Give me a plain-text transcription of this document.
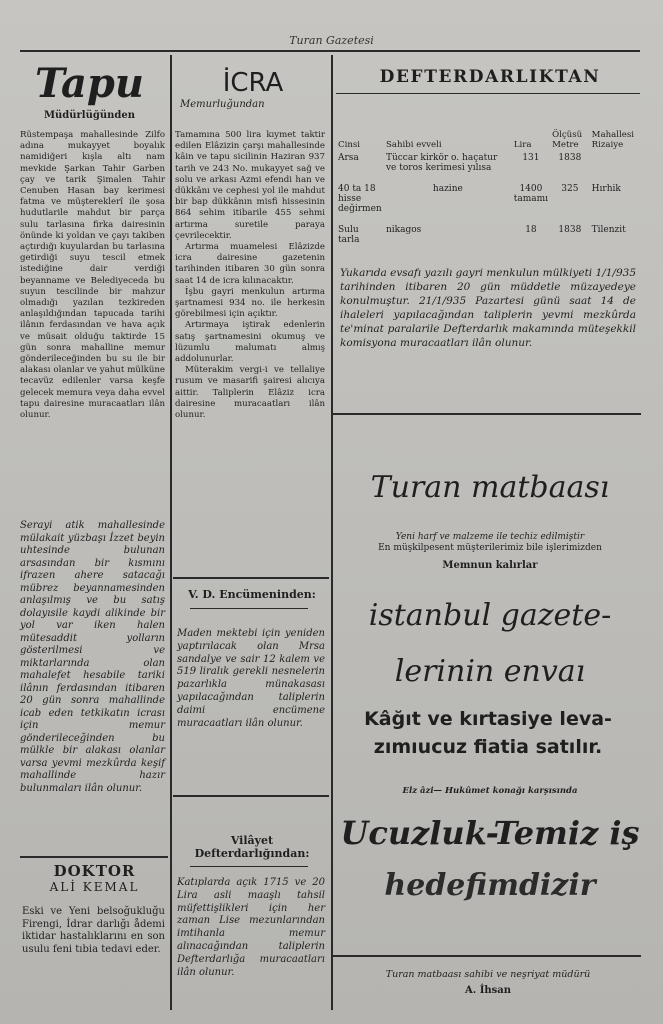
Turan Gazetesi
Tapu
Müdürlüğünden
Rüstempaşa mahallesinde Zilfo adına mukayyet boyalık namidiğeri kışla altı nam mevkide Şarkan Tahir Garben çay ve tarik Şimalen Tahir Cenuben Hasan bay kerimesi fatma ve müştereklerî ile şosa hudutlarile mahdut bir parça sulu tarlasına firka dairesinin önünde ki yoldan ve çayı takiben açtırdığı kuyulardan bu tarlasına getirdiği suyu tescil etmek istediğine dair verdiği beyanname ve Belediyeceda bu suyun tescilinde bir mahzur olmadığı yazılan tezkireden anlaşıldığından tapucada tarihi ilânın ferdasından ve hava açık ve müsait olduğu taktirde 15 gün sonra mahalline memur gönderileceğinden bu su ile bir alakası olanlar ve yahut mülküne tecavüz edilenler varsa keşfe gelecek memura veya daha evvel tapu dairesine muracaatları ilân olunur.
Serayi atik mahallesinde mülakait yüzbaşı İzzet beyin uhtesinde bulunan arsasından bir kısmını ifrazen ahere satacağı mübrez beyannamesinden anlaşılmış ve bu satış dolayısile kaydi alikinde bir yol var iken halen mütesaddit yolların gösterilmesi ve miktarlarında olan mahalefet hesabile tariki ilânın ferdasından itibaren 20 gün sonra mahallinde icab eden tetkikatın icrası için memur gönderileceğinden bu mülkle bir alakası olanlar varsa yevmi mezkûrda keşif mahallinde hazır bulunmaları ilân olunur.
DOKTOR
ALİ KEMAL
Eski ve Yeni belsoğukluğu Firengi, İdrar darlığı ådemi iktidar hastalıklarını en son usulu feni tıbia tedavi eder.
İCRA
Memurluğundan
Tamamına 500 lira kıymet taktir edilen Elâzizin çarşı mahallesinde kâin ve tapu sicilinin Haziran 937 tarih ve 243 No. mukayyet sağ ve solu ve arkası Azmi efendi han ve dükkânı ve cephesi yol ile mahdut bir bap dükkânın misfi hissesinin 864 sehim itibarile 455 sehmi artırma suretile paraya çevrilecektir.
Artırma muamelesi Elâzizde icra dairesine gazetenin tarihinden itibaren 30 gün sonra saat 14 de icra kılınacaktır.
İşbu gayri menkulun artırma şartnamesi 934 no. ile herkesin görebilmesi için açıktır.
Artırmaya iştirak edenlerin satış şartnamesini okumuş ve lüzumlu malumatı almış addolunurlar.
Müterakim vergi-i ve tellaliye rusum ve masarifi şairesi alıcıya aittir. Taliplerin Elâziz icra dairesine muracaatları ilân olunur.
V. D. Encümeninden:
Maden mektebi için yeniden yaptırılacak olan Mrsa sandalye ve sair 12 kalem ve 519 liralık gerekli nesnelerin pazarlıkla münakasası yapılacağından taliplerin daimi encümene muracaatları ilân olunur.
Vilâyet Defterdarlığından:
Katıplarda açık 1715 ve 20 Lira asli maaşlı tahsil müfettişlikleri için her zaman Lise mezunlarından imtihanla memur alınacağından taliplerin Defterdarlığa muracaatları ilân olunur.
DEFTERDARLIKTAN
Cinsi	Sahibi evveli	Lira	Ölçüsü Metre	Mahallesi Rizaiye
Arsa	Tüccar kirkör o. haçatur ve toros kerimesi yılısa	131	1838	
40 ta 18 hisse değirmen	hazine	1400 tamamı	325	Hırhik
Sulu tarla	nikagos	18	1838	Tilenzit
Yukarıda evsafı yazılı gayri menkulun mülkiyeti 1/1/935 tarihinden itibaren 20 gün müddetle müzayedeye konulmuştur. 21/1/935 Pazartesi günü saat 14 de ihaleleri yapılacağından taliplerin yevmi mezkûrda te'minat paralarile Defterdarlık makamında müteşekkil komisyona muracaatları ilân olunur.
Turan matbaası
Yeni harf ve malzeme ile techiz edilmiştir
En müşkilpesent müşterilerimiz bile işlerimizden
Memnun kalırlar
istanbul gazete-
lerinin envaı
Kâğıt ve kırtasiye leva-
zımıucuz fiatia satılır.
Elz âzi— Hukûmet konağı karşısında
Ucuzluk-Temiz iş
hedefimdizir
Turan matbaası sahibi ve neşriyat müdürü
A. İhsan
